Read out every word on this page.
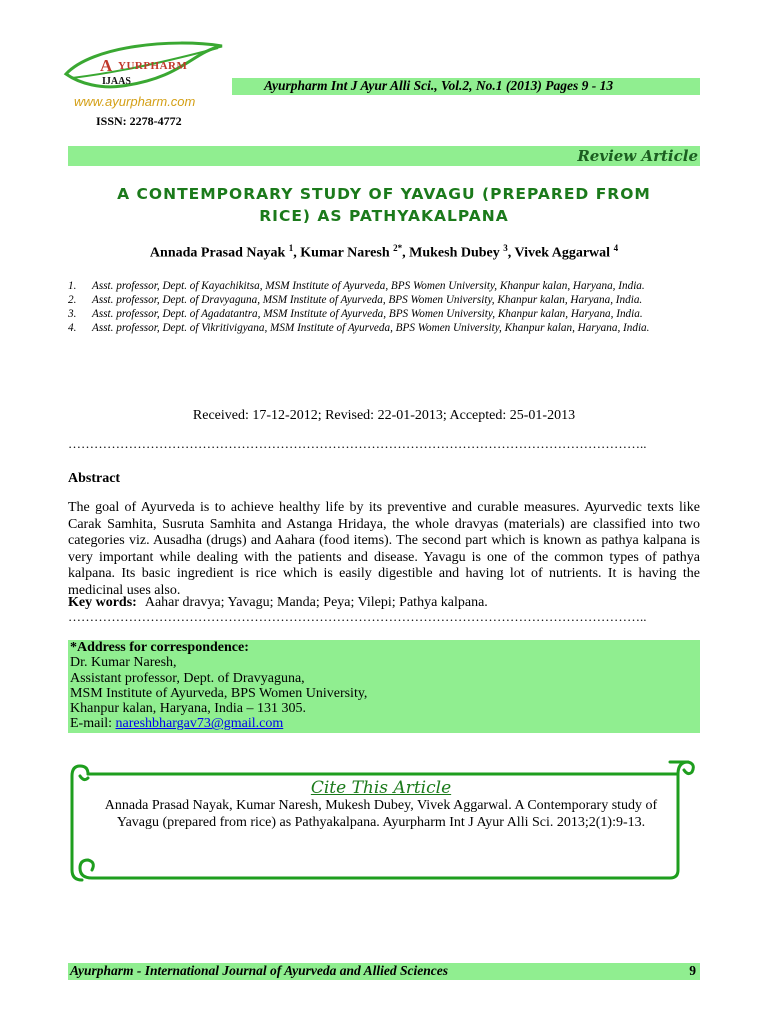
A YURPHARM
IJAAS
www.ayurpharm.com
ISSN: 2278-4772
Ayurpharm Int J Ayur Alli Sci., Vol.2, No.1 (2013) Pages 9 - 13
Review Article
A CONTEMPORARY STUDY OF YAVAGU (PREPARED FROM
RICE) AS PATHYAKALPANA
Annada Prasad Nayak $^1$, Kumar Naresh $^{2*}$, Mukesh Dubey $^3$, Vivek Aggarwal $^4$
1. Asst. professor, Dept. of Kayachikitsa, MSM Institute of Ayurveda, BPS Women University, Khanpur kalan, Haryana, India.
2. Asst. professor, Dept. of Dravyaguna, MSM Institute of Ayurveda, BPS Women University, Khanpur kalan, Haryana, India.
3. Asst. professor, Dept. of Agadatantra, MSM Institute of Ayurveda, BPS Women University, Khanpur kalan, Haryana, India.
4. Asst. professor, Dept. of Vikritivigyana, MSM Institute of Ayurveda, BPS Women University, Khanpur kalan, Haryana, India.
Received: 17-12-2012; Revised: 22-01-2013; Accepted: 25-01-2013
……………………………………………………………………………………………………………………..
Abstract
The goal of Ayurveda is to achieve healthy life by its preventive and curable measures. Ayurvedic texts like Carak Samhita, Susruta Samhita and Astanga Hridaya, the whole dravyas (materials) are classified into two categories viz. Ausadha (drugs) and Aahara (food items). The second part which is known as pathya kalpana is very important while dealing with the patients and disease. Yavagu is one of the common types of pathya kalpana. Its basic ingredient is rice which is easily digestible and having lot of nutrients. It is having the medicinal uses also.
Key words: Aahar dravya; Yavagu; Manda; Peya; Vilepi; Pathya kalpana.
……………………………………………………………………………………………………………………..
*Address for correspondence:
Dr. Kumar Naresh,
Assistant professor, Dept. of Dravyaguna,
MSM Institute of Ayurveda, BPS Women University,
Khanpur kalan, Haryana, India – 131 305.
E-mail: nareshbhargav73@gmail.com
Cite This Article
Annada Prasad Nayak, Kumar Naresh, Mukesh Dubey, Vivek Aggarwal. A Contemporary study of Yavagu (prepared from rice) as Pathyakalpana. Ayurpharm Int J Ayur Alli Sci. 2013;2(1):9-13.
Ayurpharm - International Journal of Ayurveda and Allied Sciences	9
